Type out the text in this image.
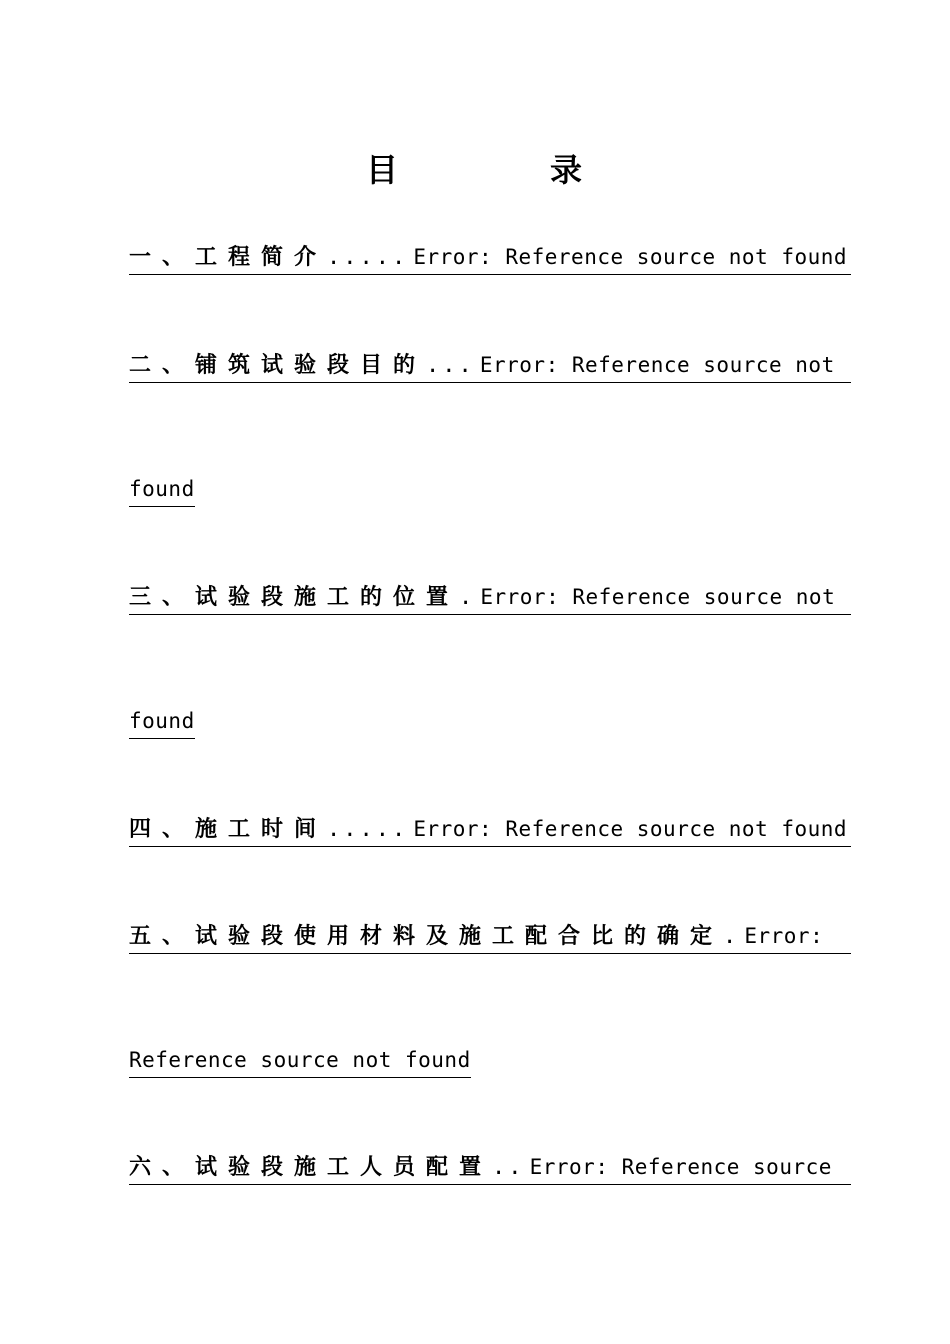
目	录
一、工程简介..... Error: Reference source not found
二、铺筑试验段目的... Error: Reference source not
found
三、试验段施工的位置. Error: Reference source not
found
四、施工时间..... Error: Reference source not found
五、试验段使用材料及施工配合比的确定. Error:
Reference source not found
六、试验段施工人员配置.. Error: Reference source
